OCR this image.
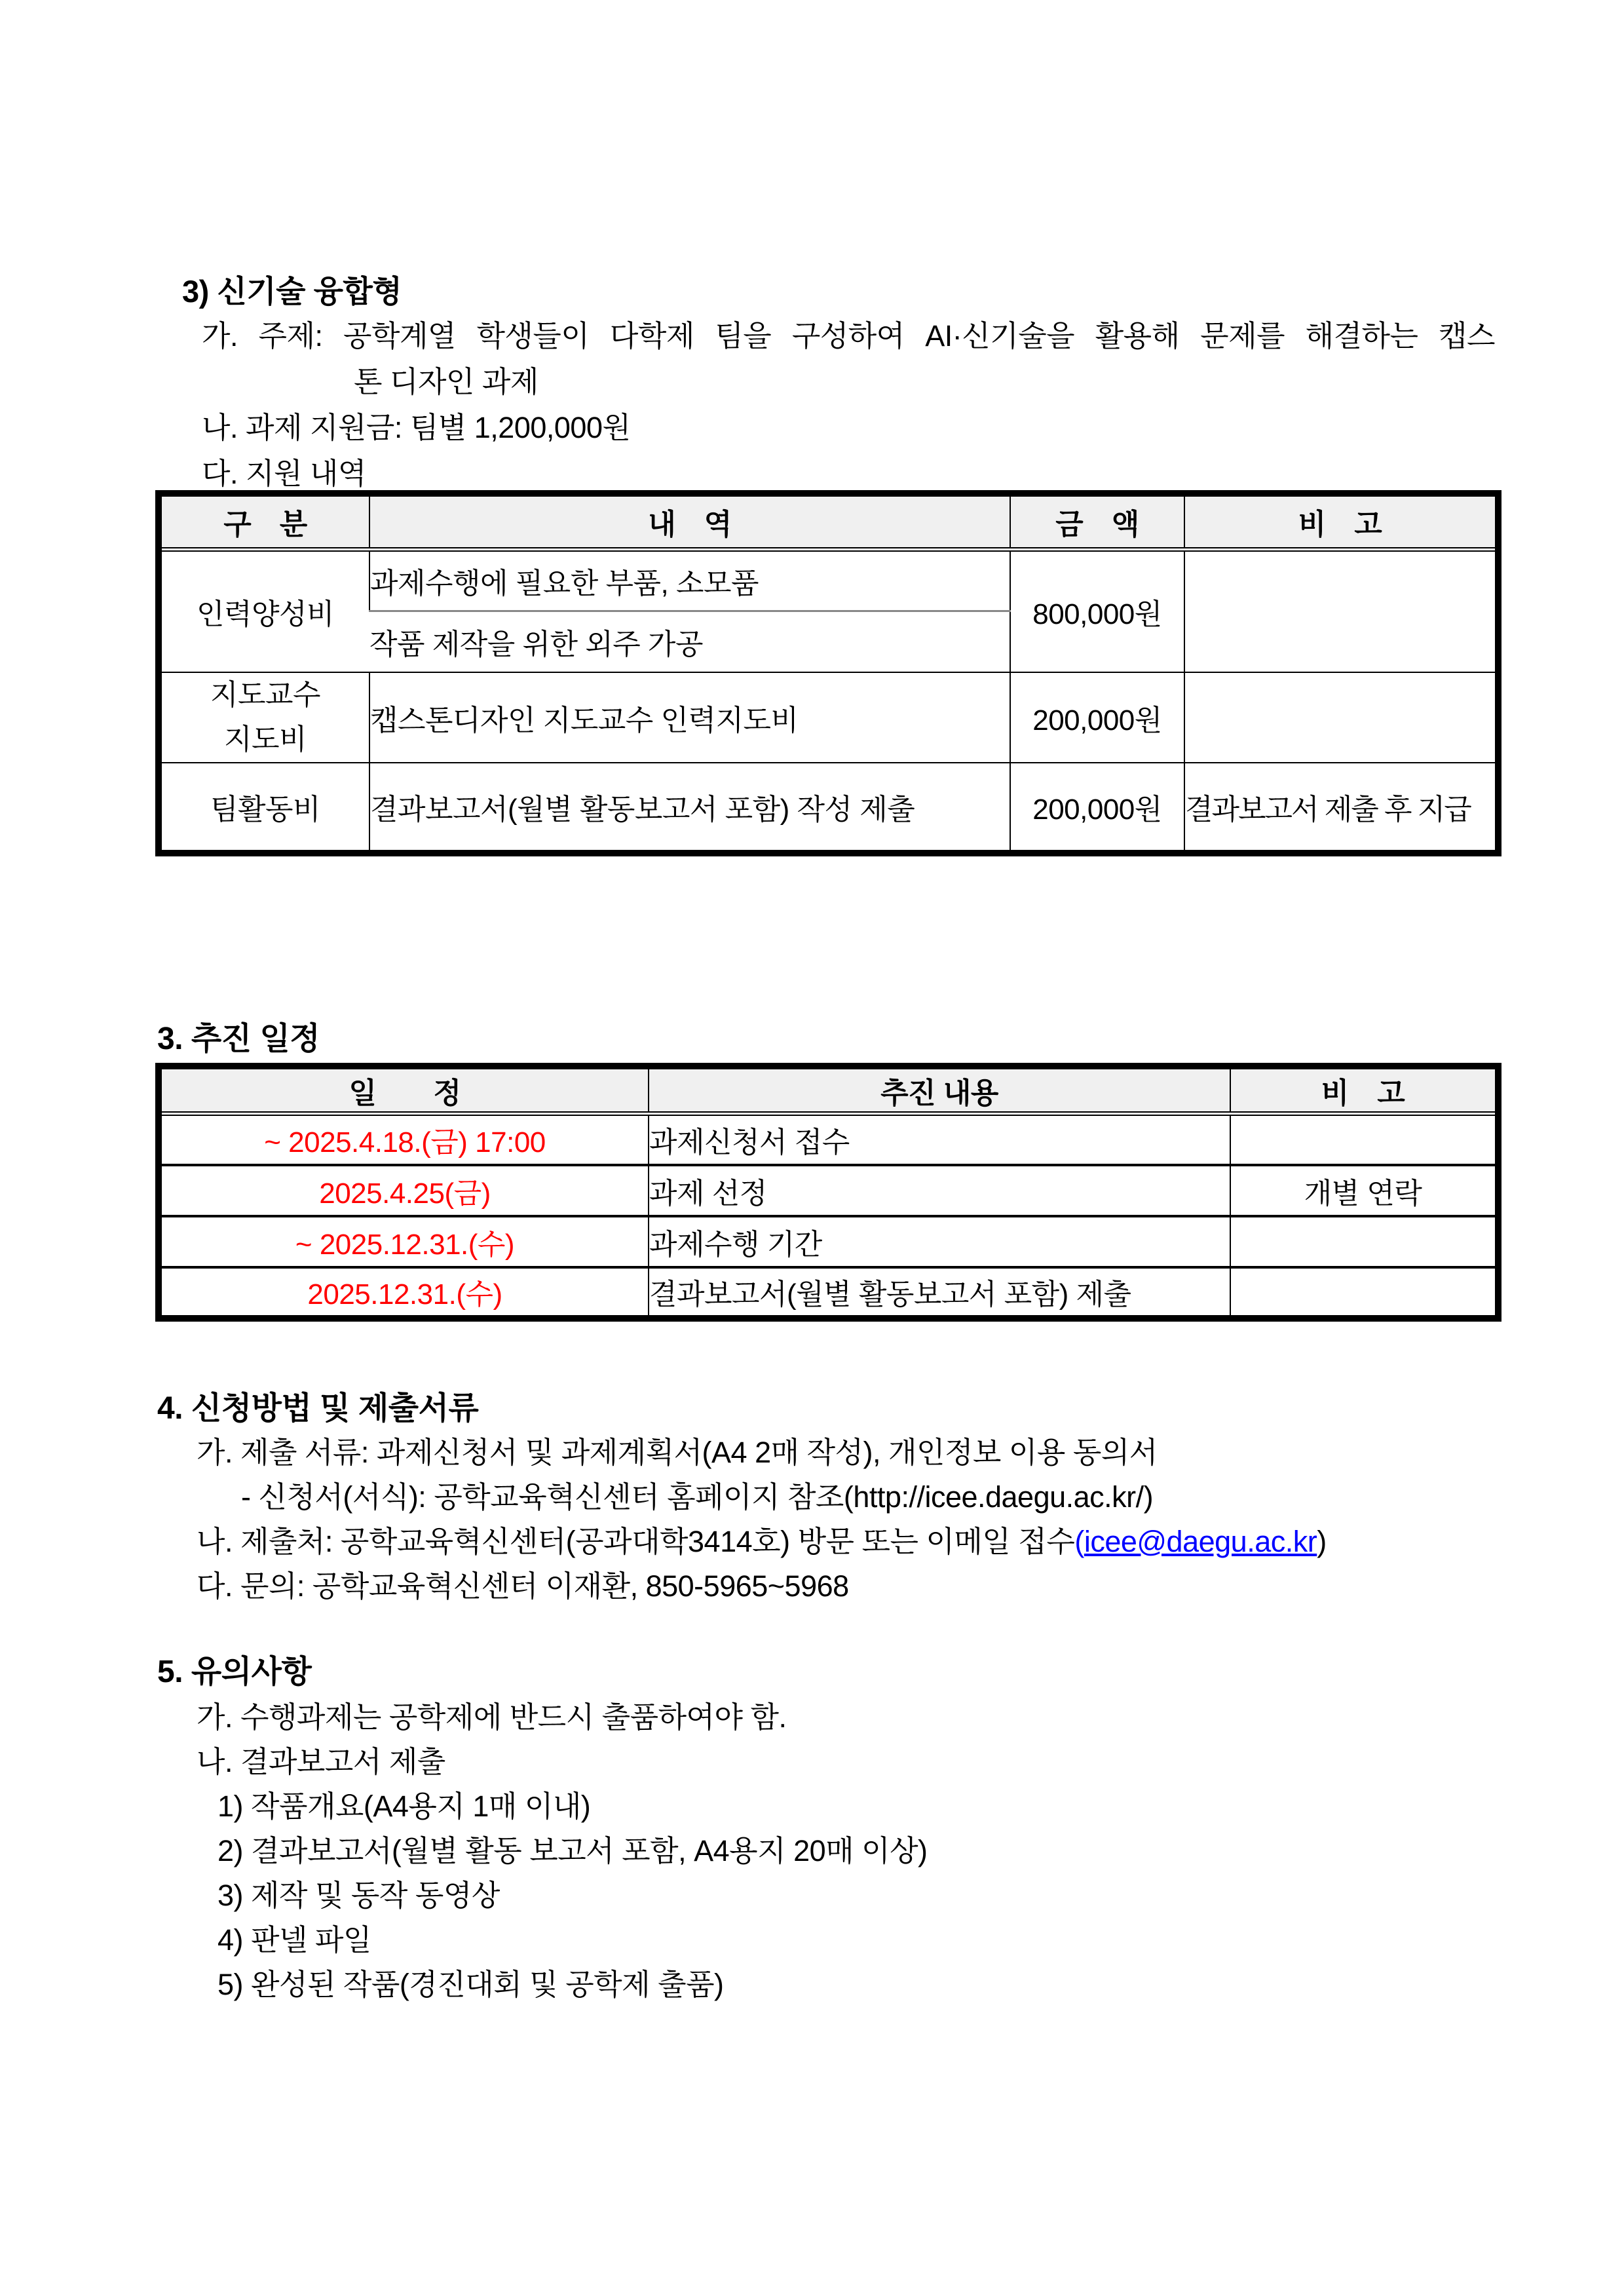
3) 신기술 융합형
가. 주제: 공학계열 학생들이 다학제 팀을 구성하여 AI·신기술을 활용해 문제를 해결하는 캡스
톤 디자인 과제
나. 과제 지원금: 팀별 1,200,000원
다. 지원 내역
구　분	내　역	금　액	비　고
인력양성비	과제수행에 필요한 부품, 소모품	800,000원	
	작품 제작을 위한 외주 가공		
지도교수
지도비	캡스톤디자인 지도교수 인력지도비	200,000원	
팀활동비	결과보고서(월별 활동보고서 포함) 작성 제출	200,000원	결과보고서 제출 후 지급
3. 추진 일정
일　　정	추진 내용	비　고
~ 2025.4.18.(금) 17:00	과제신청서 접수	
2025.4.25(금)	과제 선정	개별 연락
~ 2025.12.31.(수)	과제수행 기간	
2025.12.31.(수)	결과보고서(월별 활동보고서 포함) 제출	
4. 신청방법 및 제출서류
가. 제출 서류: 과제신청서 및 과제계획서(A4 2매 작성), 개인정보 이용 동의서
- 신청서(서식): 공학교육혁신센터 홈페이지 참조(http://icee.daegu.ac.kr/)
나. 제출처: 공학교육혁신센터(공과대학3414호) 방문 또는 이메일 접수(icee@daegu.ac.kr)
다. 문의: 공학교육혁신센터 이재환, 850-5965~5968
5. 유의사항
가. 수행과제는 공학제에 반드시 출품하여야 함.
나. 결과보고서 제출
1) 작품개요(A4용지 1매 이내)
2) 결과보고서(월별 활동 보고서 포함, A4용지 20매 이상)
3) 제작 및 동작 동영상
4) 판넬 파일
5) 완성된 작품(경진대회 및 공학제 출품)
